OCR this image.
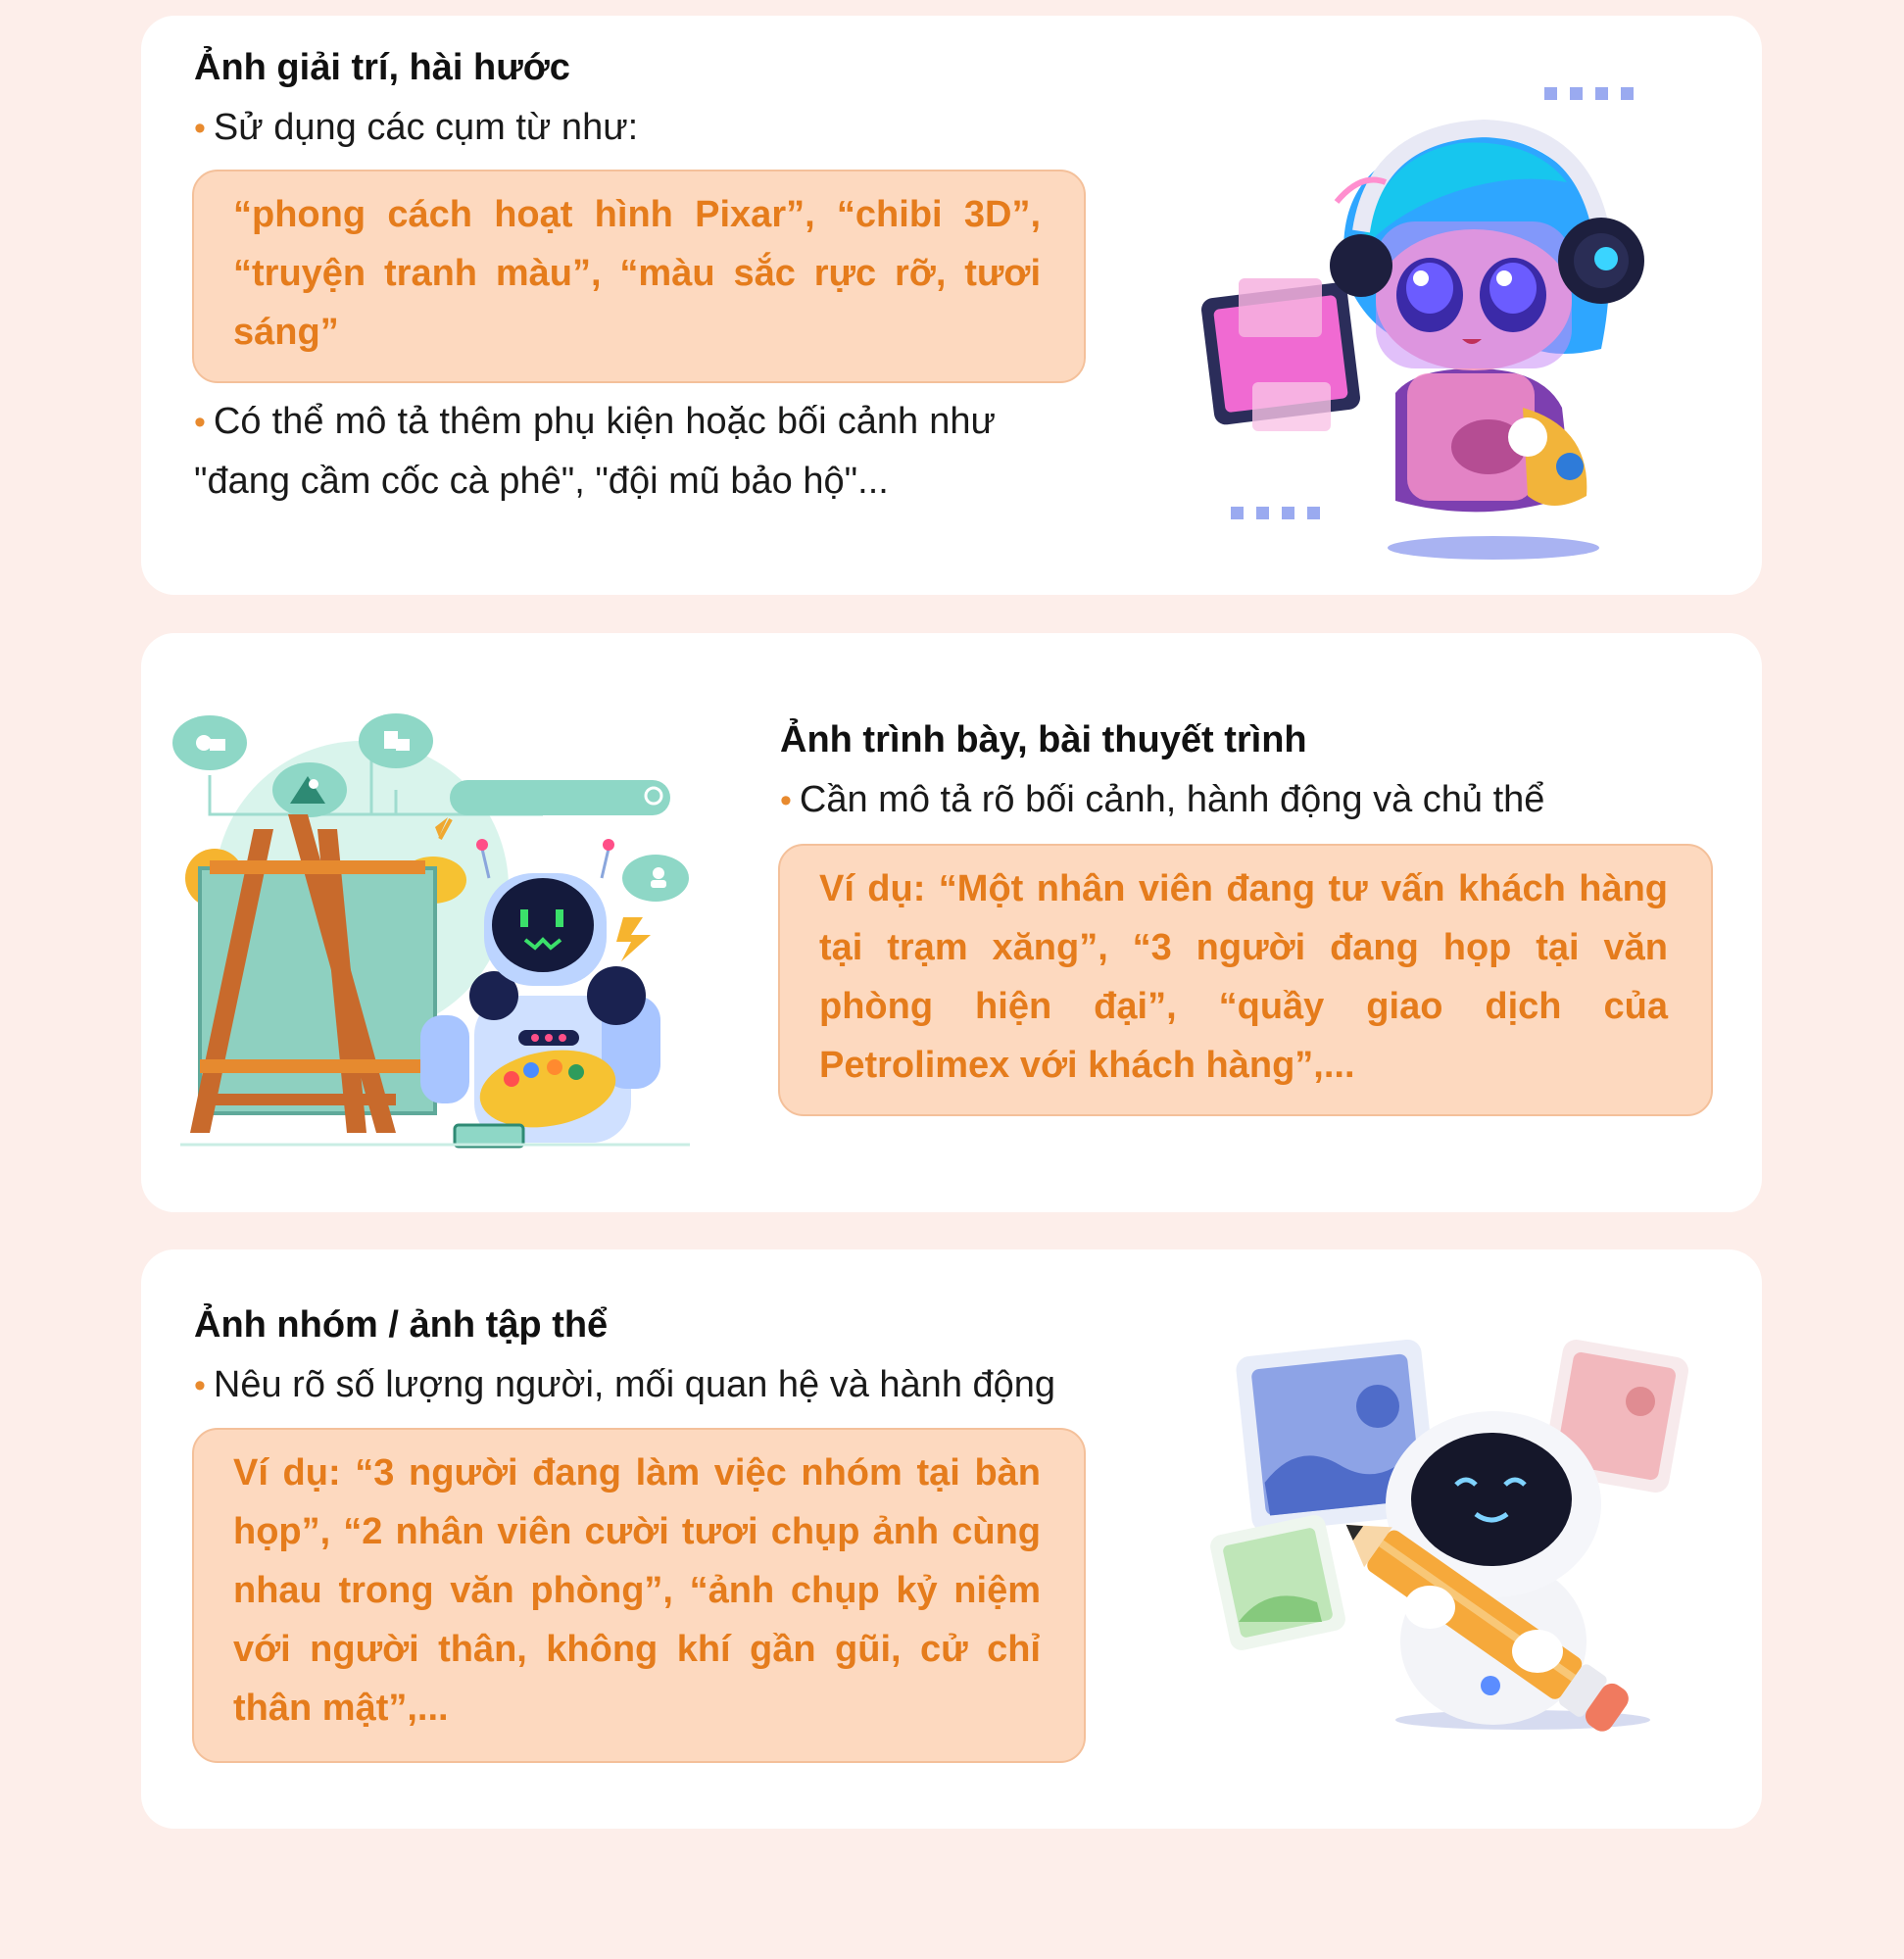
Ảnh giải trí, hài hước

• Sử dụng các cụm từ như:

“phong cách hoạt hình Pixar”, “chibi 3D”, “truyện tranh màu”, “màu sắc rực rỡ, tươi sáng”

• Có thể mô tả thêm phụ kiện hoặc bối cảnh như "đang cầm cốc cà phê", "đội mũ bảo hộ"...

Ảnh trình bày, bài thuyết trình

• Cần mô tả rõ bối cảnh, hành động và chủ thể

Ví dụ: “Một nhân viên đang tư vấn khách hàng tại trạm xăng”, “3 người đang họp tại văn phòng hiện đại”, “quầy giao dịch của Petrolimex với khách hàng”,...
Ảnh nhóm / ảnh tập thể

• Nêu rõ số lượng người, mối quan hệ và hành động

Ví dụ: “3 người đang làm việc nhóm tại bàn họp”, “2 nhân viên cười tươi chụp ảnh cùng nhau trong văn phòng”, “ảnh chụp kỷ niệm với người thân, không khí gần gũi, cử chỉ thân mật”,...
